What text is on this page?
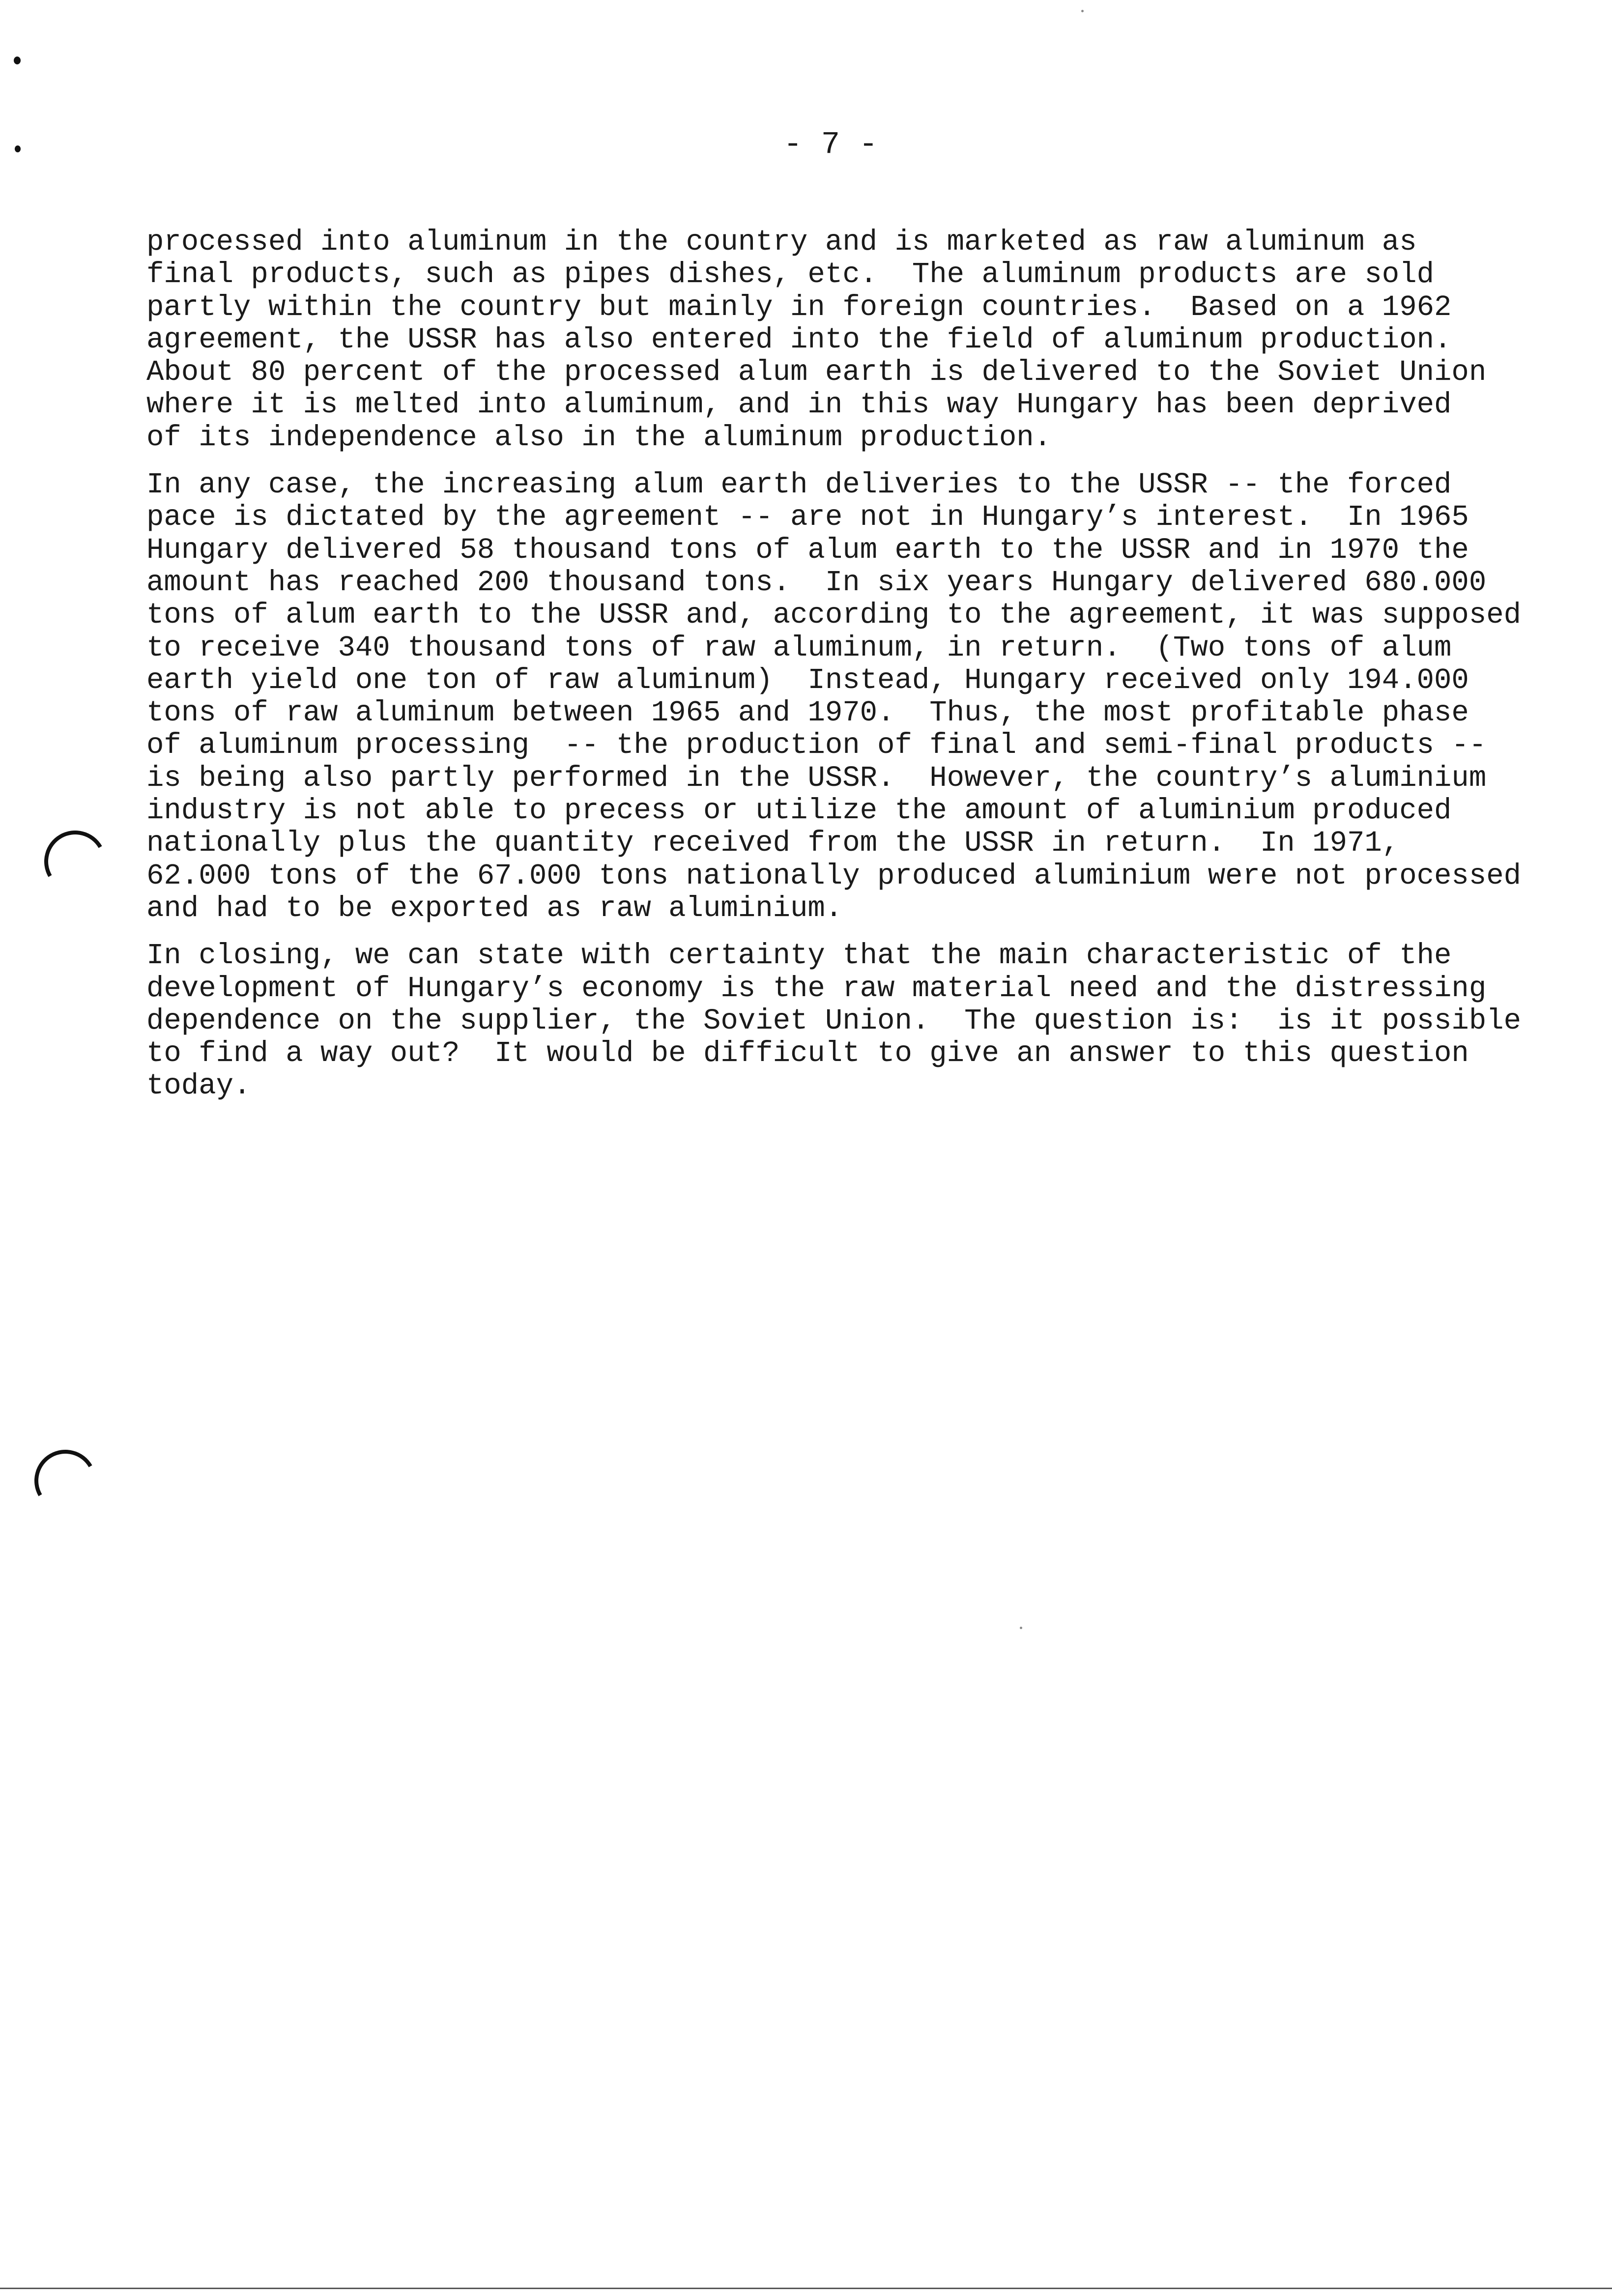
- 7 -
processed into aluminum in the country and is marketed as raw aluminum as
final products, such as pipes dishes, etc.  The aluminum products are sold
partly within the country but mainly in foreign countries.  Based on a 1962
agreement, the USSR has also entered into the field of aluminum production.
About 80 percent of the processed alum earth is delivered to the Soviet Union
where it is melted into aluminum, and in this way Hungary has been deprived
of its independence also in the aluminum production.
In any case, the increasing alum earth deliveries to the USSR -- the forced
pace is dictated by the agreement -- are not in Hungary’s interest.  In 1965
Hungary delivered 58 thousand tons of alum earth to the USSR and in 1970 the
amount has reached 200 thousand tons.  In six years Hungary delivered 680.000
tons of alum earth to the USSR and, according to the agreement, it was supposed
to receive 340 thousand tons of raw aluminum, in return.  (Two tons of alum
earth yield one ton of raw aluminum)  Instead, Hungary received only 194.000
tons of raw aluminum between 1965 and 1970.  Thus, the most profitable phase
of aluminum processing  -- the production of final and semi-final products --
is being also partly performed in the USSR.  However, the country’s aluminium
industry is not able to precess or utilize the amount of aluminium produced
nationally plus the quantity received from the USSR in return.  In 1971,
62.000 tons of the 67.000 tons nationally produced aluminium were not processed
and had to be exported as raw aluminium.
In closing, we can state with certainty that the main characteristic of the
development of Hungary’s economy is the raw material need and the distressing
dependence on the supplier, the Soviet Union.  The question is:  is it possible
to find a way out?  It would be difficult to give an answer to this question
today.
